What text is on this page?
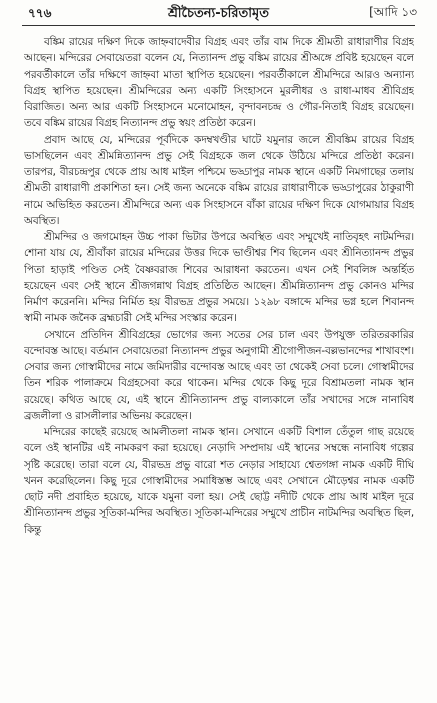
৭৭৬	শ্রীচৈতন্য-চরিতামৃত	[আদি ১৩

বঙ্কিম রায়ের দক্ষিণ দিকে জাহ্নবাদেবীর বিগ্রহ এবং তাঁর বাম দিকে শ্রীমতী রাধারাণীর বিগ্রহ আছেন। মন্দিরের সেবায়েতরা বলেন যে, নিত্যানন্দ প্রভু বঙ্কিম রায়ের শ্রীঅঙ্গে প্রবিষ্ট হয়েছেন বলে পরবর্তীকালে তাঁর দক্ষিণে জাহ্নবা মাতা স্থাপিত হয়েছেন। পরবর্তীকালে শ্রীমন্দিরে আরও অন্যান্য বিগ্রহ স্থাপিত হয়েছেন। শ্রীমন্দিরের অন্য একটি সিংহাসনে মুরলীধর ও রাধা-মাধব শ্রীবিগ্রহ বিরাজিত। অন্য আর একটি সিংহাসনে মনোমোহন, বৃন্দাবনচন্দ্র ও গৌর-নিতাই বিগ্রহ রয়েছেন। তবে বঙ্কিম রায়ের বিগ্রহ নিত্যানন্দ প্রভু স্বয়ং প্রতিষ্ঠা করেন।

প্রবাদ আছে যে, মন্দিরের পূর্বদিকে কদম্বখণ্ডীর ঘাটে যমুনার জলে শ্রীবঙ্কিম রায়ের বিগ্রহ ভাসছিলেন এবং শ্রীমন্নিত্যানন্দ প্রভু সেই বিগ্রহকে জল থেকে উঠিয়ে মন্দিরে প্রতিষ্ঠা করেন। তারপর, বীরচন্দ্রপুর থেকে প্রায় আধ মাইল পশ্চিমে ভড্ডাপুর নামক স্থানে একটি নিমগাছের তলায় শ্রীমতী রাধারাণী প্রকাশিতা হন। সেই জন্য অনেকে বঙ্কিম রায়ের রাধারাণীকে ভড্ডাপুরের ঠাকুরাণী নামে অভিহিত করতেন। শ্রীমন্দিরে অন্য এক সিংহাসনে বাঁকা রায়ের দক্ষিণ দিকে যোগমায়ার বিগ্রহ অবস্থিত।

শ্রীমন্দির ও জগমোহন উচ্চ পাকা ভিটার উপরে অবস্থিত এবং সম্মুখেই নাতিবৃহৎ নাটমন্দির। শোনা যায় যে, শ্রীবাঁকা রায়ের মন্দিরের উত্তর দিকে ভাণ্ডীশ্বর শিব ছিলেন এবং শ্রীনিত্যানন্দ প্রভুর পিতা হাড়াই পণ্ডিত সেই বৈষ্ণবরাজ শিবের আরাধনা করতেন। এখন সেই শিবলিঙ্গ অন্তর্হিত হয়েছেন এবং সেই স্থানে শ্রীজগন্নাথ বিগ্রহ প্রতিষ্ঠিত আছেন। শ্রীমন্নিত্যানন্দ প্রভু কোনও মন্দির নির্মাণ করেননি। মন্দির নির্মিত হয় বীরভদ্র প্রভুর সময়ে। ১২৯৮ বঙ্গাব্দে মন্দির ভগ্ন হলে শিবানন্দ স্বামী নামক জনৈক ব্রহ্মচারী সেই মন্দির সংস্কার করেন।

সেখানে প্রতিদিন শ্রীবিগ্রহের ভোগের জন্য সতের সের চাল এবং উপযুক্ত তরিতরকারির বন্দোবস্ত আছে। বর্তমান সেবায়েতরা নিত্যানন্দ প্রভুর অনুগামী শ্রীগোপীজন-বল্লভানন্দের শাখাবংশ। সেবার জন্য গোস্বামীদের নামে জমিদারীর বন্দোবস্ত আছে এবং তা থেকেই সেবা চলে। গোস্বামীদের তিন শরিক পালাক্রমে বিগ্রহসেবা করে থাকেন। মন্দির থেকে কিছু দূরে বিশ্রামতলা নামক স্থান রয়েছে। কথিত আছে যে, এই স্থানে শ্রীনিত্যানন্দ প্রভু বাল্যকালে তাঁর সখাদের সঙ্গে নানাবিধ ব্রজলীলা ও রাসলীলার অভিনয় করেছেন।

মন্দিরের কাছেই রয়েছে আমলীতলা নামক স্থান। সেখানে একটি বিশাল তেঁতুল গাছ রয়েছে বলে ওই স্থানটির এই নামকরণ করা হয়েছে। নেড়াদি সম্প্রদায় এই স্থানের সম্বন্ধে নানাবিধ গল্পের সৃষ্টি করেছে। তারা বলে যে, বীরভদ্র প্রভু বারো শত নেড়ার সাহায্যে শ্বেতগঙ্গা নামক একটি দীঘি খনন করেছিলেন। কিছু দূরে গোস্বামীদের সমাধিস্তম্ভ আছে এবং সেখানে মৌড়েশ্বর নামক একটি ছোট নদী প্রবাহিত হয়েছে, যাকে যমুনা বলা হয়। সেই ছোট্ট নদীটি থেকে প্রায় আধ মাইল দূরে শ্রীনিত্যানন্দ প্রভুর সূতিকা-মন্দির অবস্থিত। সূতিকা-মন্দিরের সম্মুখে প্রাচীন নাটমন্দির অবস্থিত ছিল, কিন্তু
